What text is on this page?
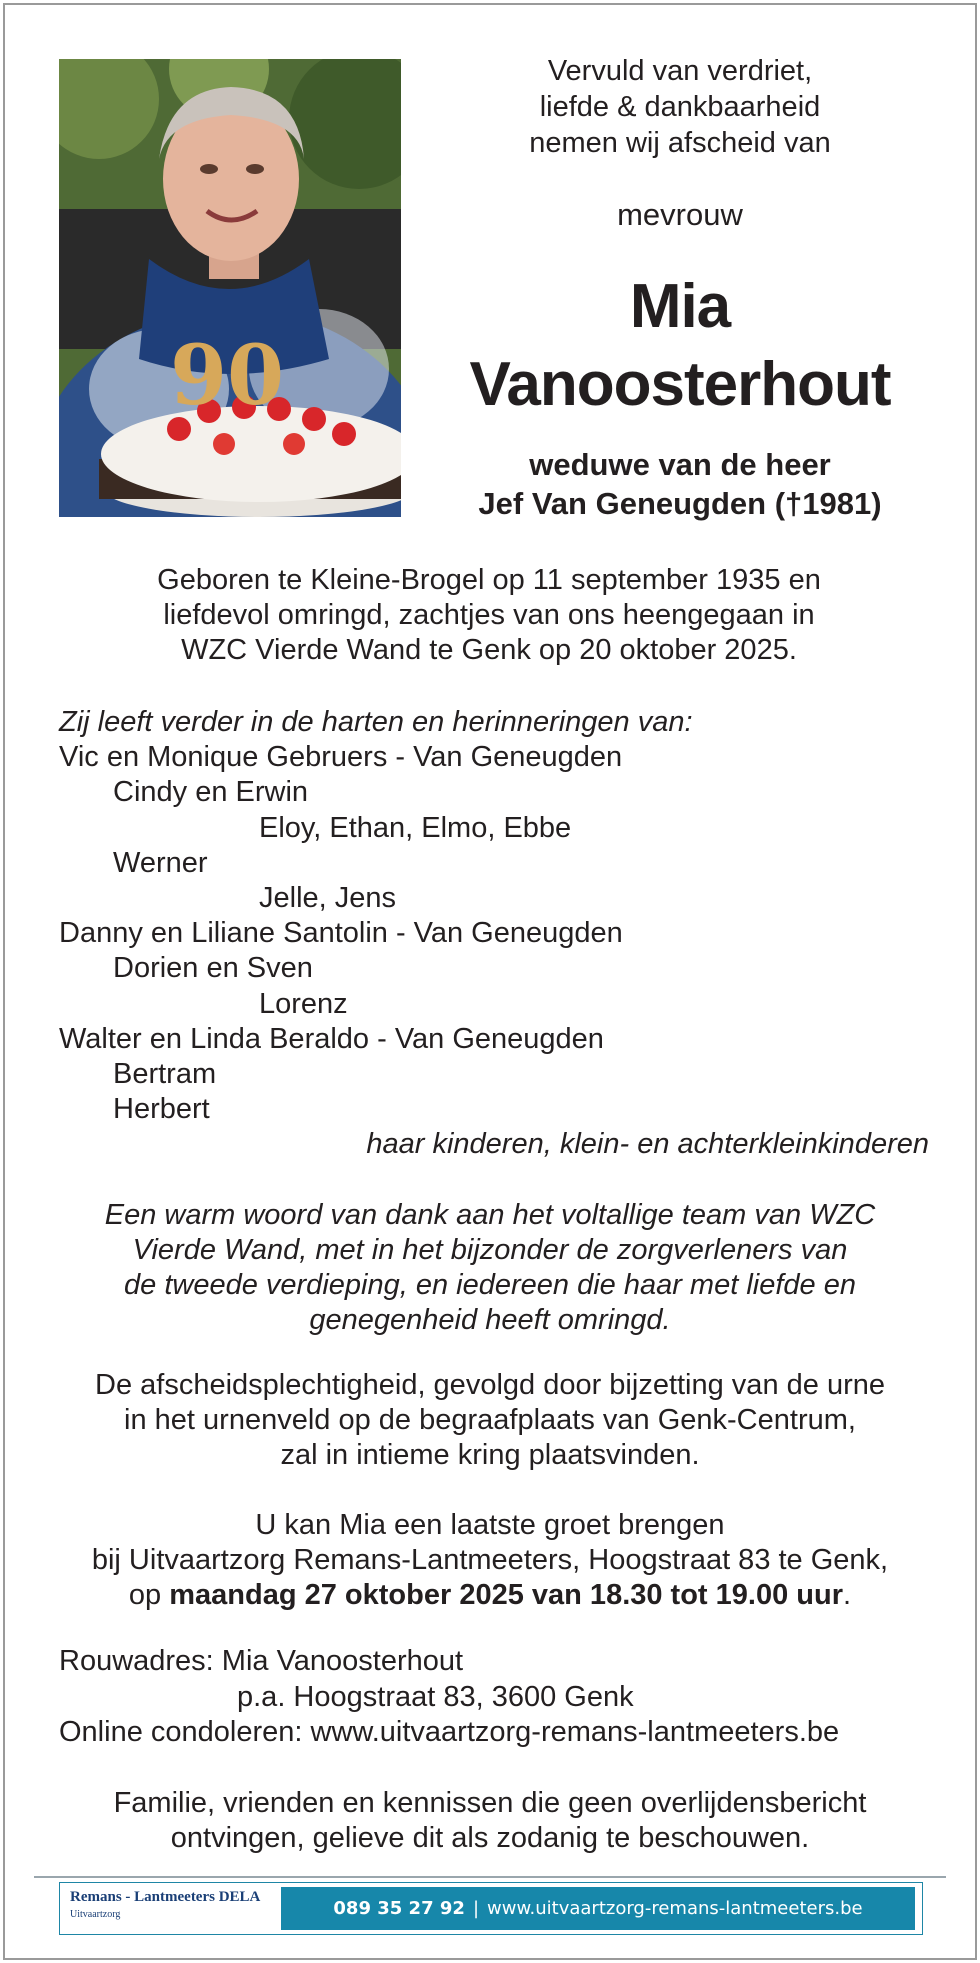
90
Vervuld van verdriet,
liefde & dankbaarheid
nemen wij afscheid van
mevrouw
Mia
Vanoosterhout
weduwe van de heer
Jef Van Geneugden (†1981)
Geboren te Kleine-Brogel op 11 september 1935 en
liefdevol omringd, zachtjes van ons heengegaan in
WZC Vierde Wand te Genk op 20 oktober 2025.
Zij leeft verder in de harten en herinneringen van:
Vic en Monique Gebruers - Van Geneugden
Cindy en Erwin
Eloy, Ethan, Elmo, Ebbe
Werner
Jelle, Jens
Danny en Liliane Santolin - Van Geneugden
Dorien en Sven
Lorenz
Walter en Linda Beraldo - Van Geneugden
Bertram
Herbert
haar kinderen, klein- en achterkleinkinderen
Een warm woord van dank aan het voltallige team van WZC
Vierde Wand, met in het bijzonder de zorgverleners van
de tweede verdieping, en iedereen die haar met liefde en
genegenheid heeft omringd.
De afscheidsplechtigheid, gevolgd door bijzetting van de urne
in het urnenveld op de begraafplaats van Genk-Centrum,
zal in intieme kring plaatsvinden.
U kan Mia een laatste groet brengen
bij Uitvaartzorg Remans-Lantmeeters, Hoogstraat 83 te Genk,
op maandag 27 oktober 2025 van 18.30 tot 19.00 uur.
Rouwadres: Mia Vanoosterhout
p.a. Hoogstraat 83, 3600 Genk
Online condoleren: www.uitvaartzorg-remans-lantmeeters.be
Familie, vrienden en kennissen die geen overlijdensbericht
ontvingen, gelieve dit als zodanig te beschouwen.
Remans - Lantmeeters DELA
Uitvaartzorg	089 35 27 92 | www.uitvaartzorg-remans-lantmeeters.be
